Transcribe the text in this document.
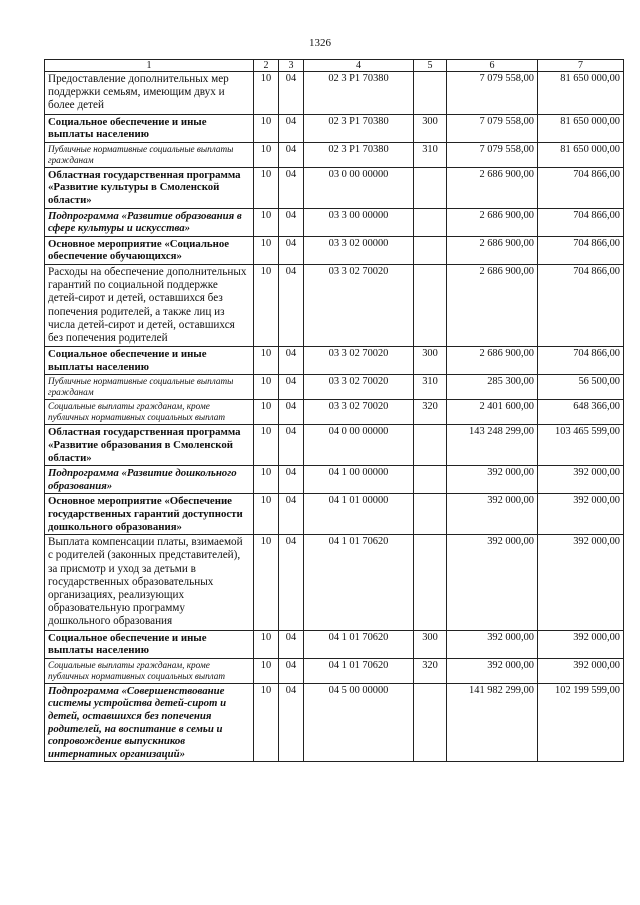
1326
1	2	3	4	5	6	7
Предоставление дополнительных мер поддержки семьям, имеющим двух и более детей	10	04	02 3 Р1 70380		7 079 558,00	81 650 000,00
Социальное обеспечение и иные выплаты населению	10	04	02 3 Р1 70380	300	7 079 558,00	81 650 000,00
Публичные нормативные социальные выплаты гражданам	10	04	02 3 Р1 70380	310	7 079 558,00	81 650 000,00
Областная государственная программа «Развитие культуры в Смоленской области»	10	04	03 0 00 00000		2 686 900,00	704 866,00
Подпрограмма «Развитие образования в сфере культуры и искусства»	10	04	03 3 00 00000		2 686 900,00	704 866,00
Основное мероприятие «Социальное обеспечение обучающихся»	10	04	03 3 02 00000		2 686 900,00	704 866,00
Расходы на обеспечение дополнительных гарантий по социальной поддержке детей-сирот и детей, оставшихся без попечения родителей, а также лиц из числа детей-сирот и детей, оставшихся без попечения родителей	10	04	03 3 02 70020		2 686 900,00	704 866,00
Социальное обеспечение и иные выплаты населению	10	04	03 3 02 70020	300	2 686 900,00	704 866,00
Публичные нормативные социальные выплаты гражданам	10	04	03 3 02 70020	310	285 300,00	56 500,00
Социальные выплаты гражданам, кроме публичных нормативных социальных выплат	10	04	03 3 02 70020	320	2 401 600,00	648 366,00
Областная государственная программа «Развитие образования в Смоленской области»	10	04	04 0 00 00000		143 248 299,00	103 465 599,00
Подпрограмма «Развитие дошкольного образования»	10	04	04 1 00 00000		392 000,00	392 000,00
Основное мероприятие «Обеспечение государственных гарантий доступности дошкольного образования»	10	04	04 1 01 00000		392 000,00	392 000,00
Выплата компенсации платы, взимаемой с родителей (законных представителей), за присмотр и уход за детьми в государственных образовательных организациях, реализующих образовательную программу дошкольного образования	10	04	04 1 01 70620		392 000,00	392 000,00
Социальное обеспечение и иные выплаты населению	10	04	04 1 01 70620	300	392 000,00	392 000,00
Социальные выплаты гражданам, кроме публичных нормативных социальных выплат	10	04	04 1 01 70620	320	392 000,00	392 000,00
Подпрограмма «Совершенствование системы устройства детей-сирот и детей, оставшихся без попечения родителей, на воспитание в семьи и сопровождение выпускников интернатных организаций»	10	04	04 5 00 00000		141 982 299,00	102 199 599,00
